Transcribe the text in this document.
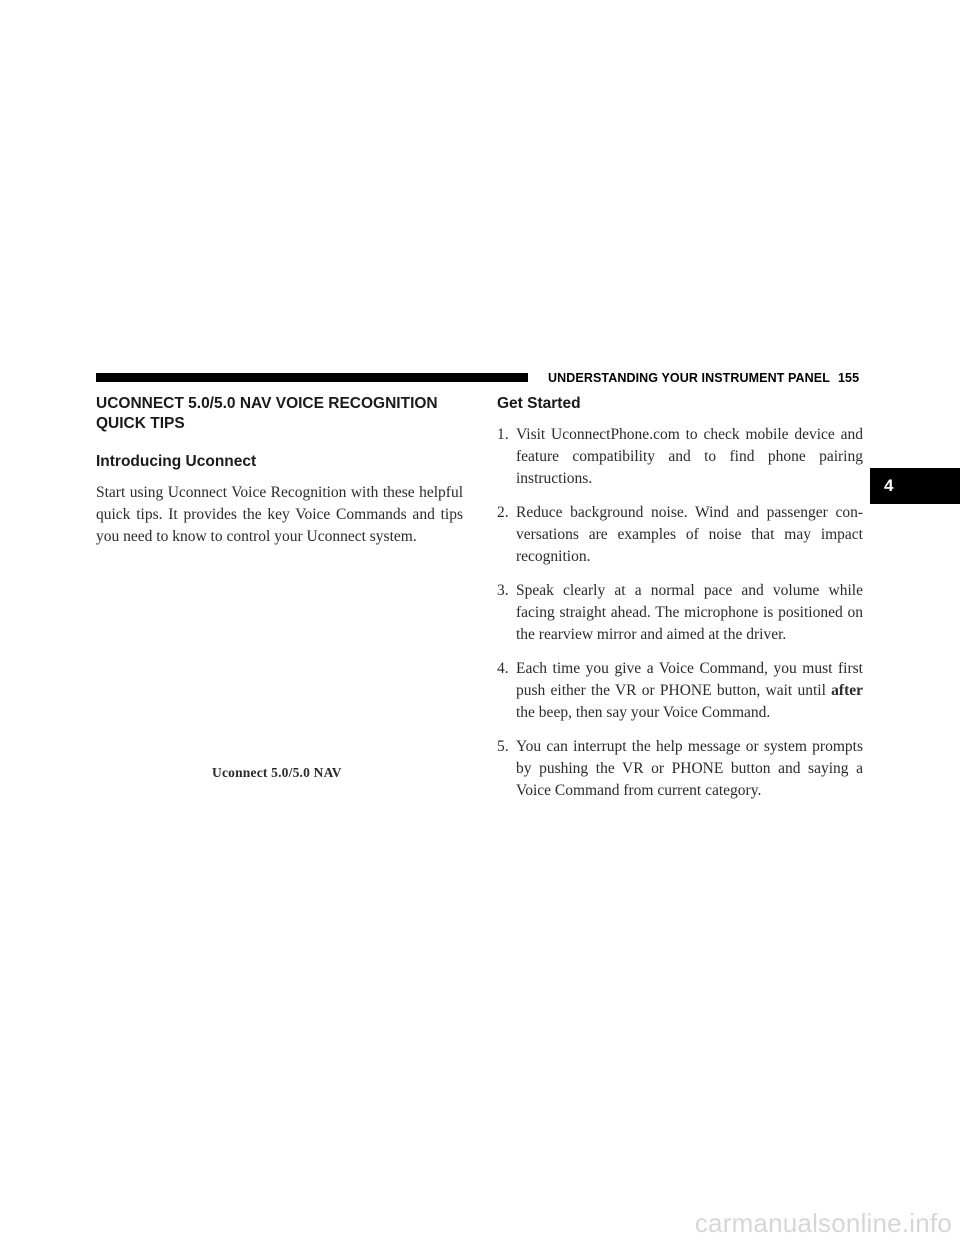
UNDERSTANDING YOUR INSTRUMENT PANEL 155
4
UCONNECT 5.0/5.0 NAV VOICE RECOGNITION QUICK TIPS
Introducing Uconnect

Start using Uconnect Voice Recognition with these helpful quick tips. It provides the key Voice Commands and tips you need to know to control your Uconnect system.

Uconnect 5.0/5.0 NAV
Get Started
1. Visit UconnectPhone.com to check mobile device and feature compatibility and to find phone pairing instructions.
2. Reduce background noise. Wind and passenger con-versations are examples of noise that may impact recognition.
3. Speak clearly at a normal pace and volume while facing straight ahead. The microphone is positioned on the rearview mirror and aimed at the driver.
4. Each time you give a Voice Command, you must first push either the VR or PHONE button, wait until after the beep, then say your Voice Command.
5. You can interrupt the help message or system prompts by pushing the VR or PHONE button and saying a Voice Command from current category.
carmanualsonline.info
